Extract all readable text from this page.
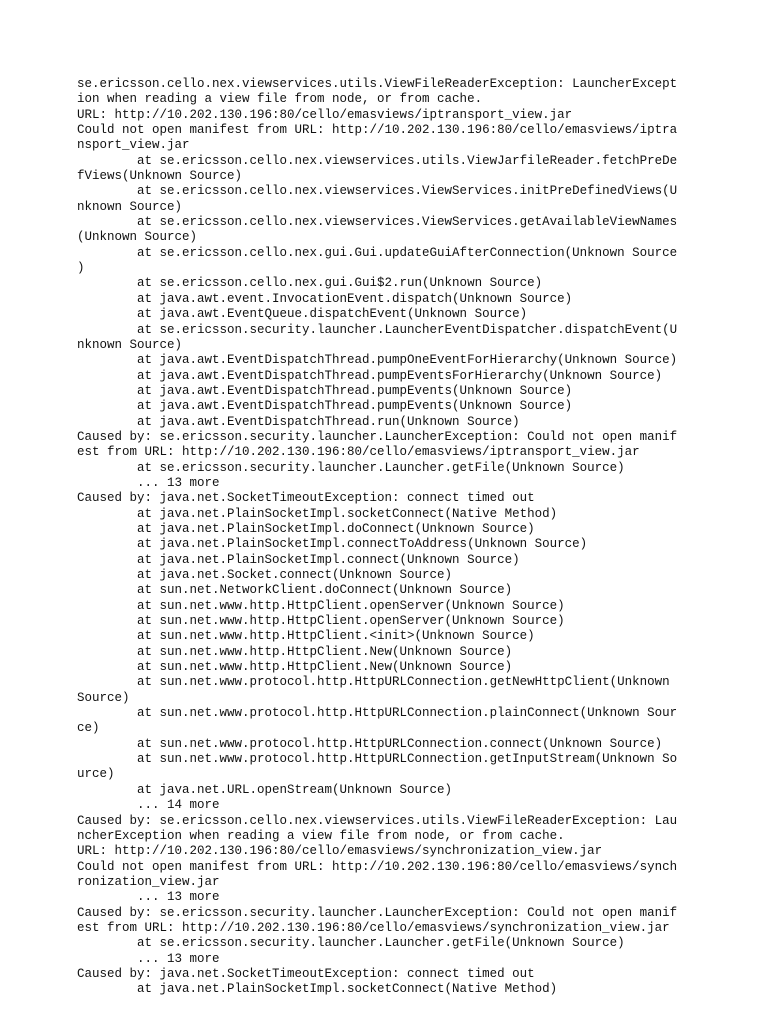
se.ericsson.cello.nex.viewservices.utils.ViewFileReaderException: LauncherExcept
ion when reading a view file from node, or from cache.
URL: http://10.202.130.196:80/cello/emasviews/iptransport_view.jar
Could not open manifest from URL: http://10.202.130.196:80/cello/emasviews/iptra
nsport_view.jar
at se.ericsson.cello.nex.viewservices.utils.ViewJarfileReader.fetchPreDe
fViews(Unknown Source)
at se.ericsson.cello.nex.viewservices.ViewServices.initPreDefinedViews(U
nknown Source)
at se.ericsson.cello.nex.viewservices.ViewServices.getAvailableViewNames
(Unknown Source)
at se.ericsson.cello.nex.gui.Gui.updateGuiAfterConnection(Unknown Source
)
at se.ericsson.cello.nex.gui.Gui$2.run(Unknown Source)
at java.awt.event.InvocationEvent.dispatch(Unknown Source)
at java.awt.EventQueue.dispatchEvent(Unknown Source)
at se.ericsson.security.launcher.LauncherEventDispatcher.dispatchEvent(U
nknown Source)
at java.awt.EventDispatchThread.pumpOneEventForHierarchy(Unknown Source)
at java.awt.EventDispatchThread.pumpEventsForHierarchy(Unknown Source)
at java.awt.EventDispatchThread.pumpEvents(Unknown Source)
at java.awt.EventDispatchThread.pumpEvents(Unknown Source)
at java.awt.EventDispatchThread.run(Unknown Source)
Caused by: se.ericsson.security.launcher.LauncherException: Could not open manif
est from URL: http://10.202.130.196:80/cello/emasviews/iptransport_view.jar
at se.ericsson.security.launcher.Launcher.getFile(Unknown Source)
... 13 more
Caused by: java.net.SocketTimeoutException: connect timed out
at java.net.PlainSocketImpl.socketConnect(Native Method)
at java.net.PlainSocketImpl.doConnect(Unknown Source)
at java.net.PlainSocketImpl.connectToAddress(Unknown Source)
at java.net.PlainSocketImpl.connect(Unknown Source)
at java.net.Socket.connect(Unknown Source)
at sun.net.NetworkClient.doConnect(Unknown Source)
at sun.net.www.http.HttpClient.openServer(Unknown Source)
at sun.net.www.http.HttpClient.openServer(Unknown Source)
at sun.net.www.http.HttpClient.<init>(Unknown Source)
at sun.net.www.http.HttpClient.New(Unknown Source)
at sun.net.www.http.HttpClient.New(Unknown Source)
at sun.net.www.protocol.http.HttpURLConnection.getNewHttpClient(Unknown
Source)
at sun.net.www.protocol.http.HttpURLConnection.plainConnect(Unknown Sour
ce)
at sun.net.www.protocol.http.HttpURLConnection.connect(Unknown Source)
at sun.net.www.protocol.http.HttpURLConnection.getInputStream(Unknown So
urce)
at java.net.URL.openStream(Unknown Source)
... 14 more
Caused by: se.ericsson.cello.nex.viewservices.utils.ViewFileReaderException: Lau
ncherException when reading a view file from node, or from cache.
URL: http://10.202.130.196:80/cello/emasviews/synchronization_view.jar
Could not open manifest from URL: http://10.202.130.196:80/cello/emasviews/synch
ronization_view.jar
... 13 more
Caused by: se.ericsson.security.launcher.LauncherException: Could not open manif
est from URL: http://10.202.130.196:80/cello/emasviews/synchronization_view.jar
at se.ericsson.security.launcher.Launcher.getFile(Unknown Source)
... 13 more
Caused by: java.net.SocketTimeoutException: connect timed out
at java.net.PlainSocketImpl.socketConnect(Native Method)
